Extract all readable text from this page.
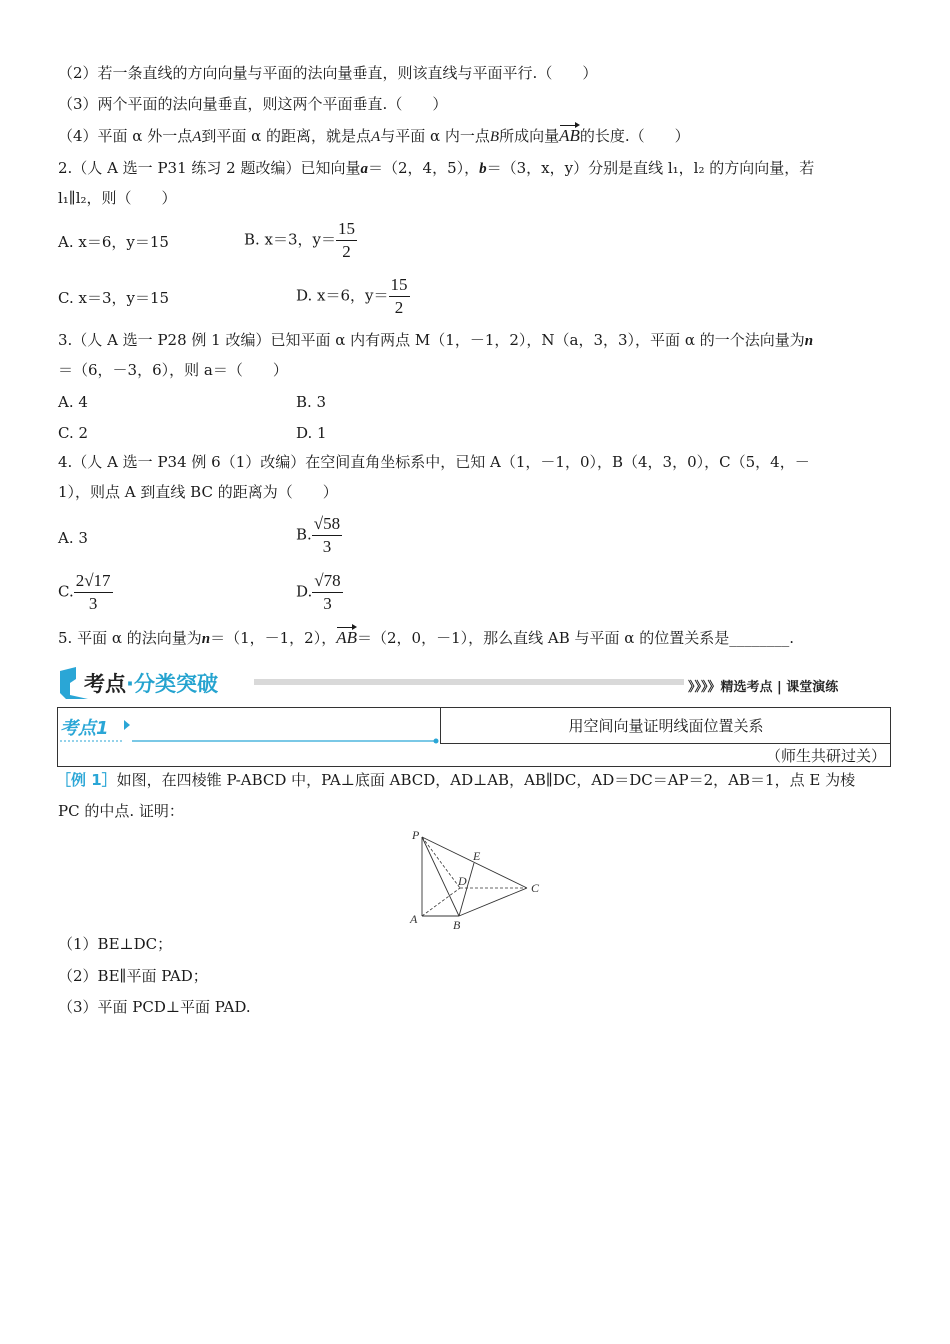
（2）若一条直线的方向向量与平面的法向量垂直，则该直线与平面平行.（　　）
（3）两个平面的法向量垂直，则这两个平面垂直.（　　）
（4）平面 α 外一点A到平面 α 的距离，就是点A与平面 α 内一点B所成向量AB的长度.（　　）
2.（人 A 选一 P31 练习 2 题改编）已知向量a＝（2，4，5），b＝（3，x，y）分别是直线 l₁，l₂ 的方向向量，若
l₁∥l₂，则（　　）
A. x＝6，y＝15	B. x＝3，$y= \frac{15}{2}$
C. x＝3，y＝15	D. x＝6，$y= \frac{15}{2}$
3.（人 A 选一 P28 例 1 改编）已知平面 α 内有两点 M（1，－1，2），N（a，3，3），平面 α 的一个法向量为n
＝（6，－3，6），则 a＝（　　）
A. 4	B. 3
C. 2	D. 1
4.（人 A 选一 P34 例 6（1）改编）在空间直角坐标系中，已知 A（1，－1，0），B（4，3，0），C（5，4，－
1），则点 A 到直线 BC 的距离为（　　）
A. 3	B. $\frac{√58}{3}$
C. $\frac{2√17}{3}$	D. $\frac{√78}{3}$
5. 平面 α 的法向量为n＝（1，－1，2），AB＝（2，0，－1），那么直线 AB 与平面 α 的位置关系是________.
考点·分类突破	》》》》精选考点 | 课堂演练
考点1	用空间向量证明线面位置关系
（师生共研过关）
［例 1］如图，在四棱锥 P-ABCD 中，PA⊥底面 ABCD，AD⊥AB，AB∥DC，AD＝DC＝AP＝2，AB＝1，点 E 为棱
PC 的中点. 证明：
P
E
D	C
A	B
（1）BE⊥DC；
（2）BE∥平面 PAD；
（3）平面 PCD⊥平面 PAD.
